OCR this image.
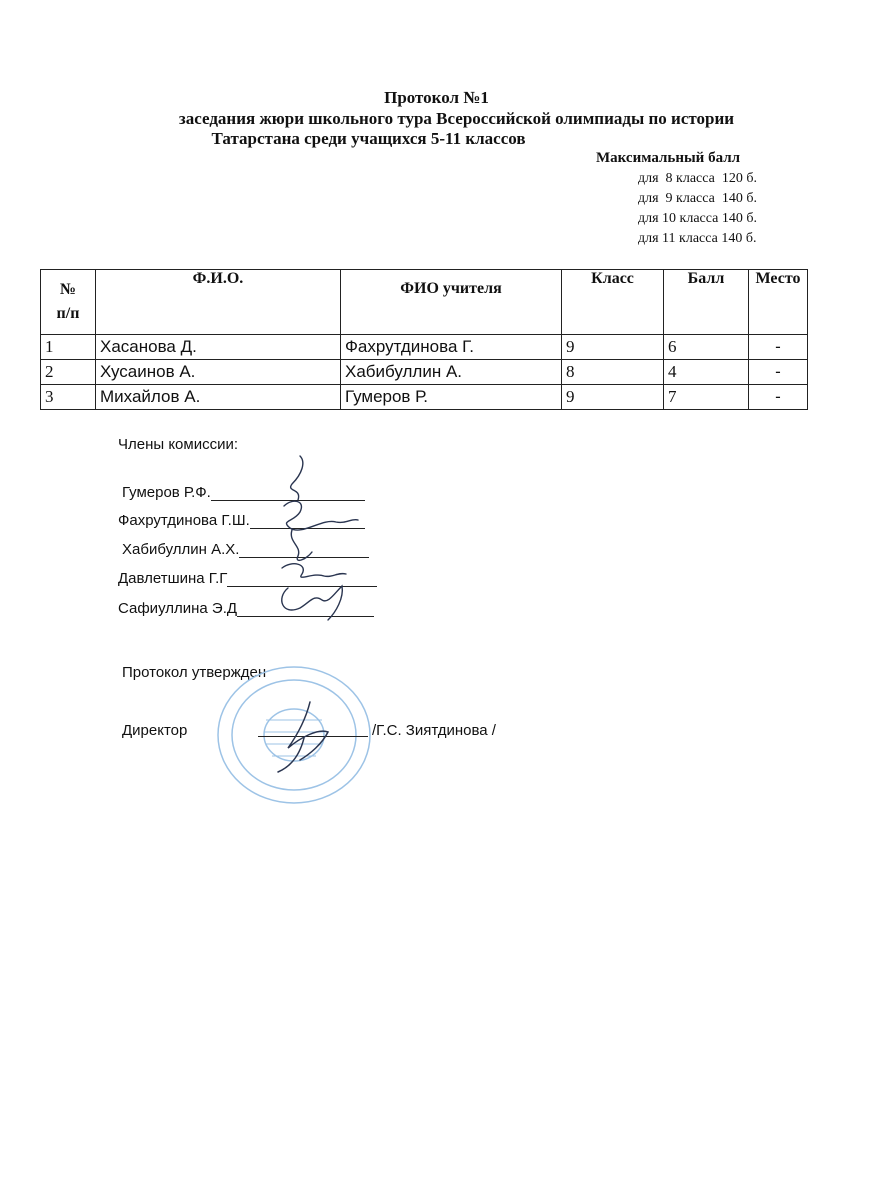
Протокол №1
заседания жюри школьного тура Всероссийской олимпиады по истории
Татарстана среди учащихся 5-11 классов
Максимальный балл
для  8 класса  120 б.
для  9 класса  140 б.
для 10 класса 140 б.
для 11 класса 140 б.
№
п/п	Ф.И.О.	ФИО учителя	Класс	Балл	Место
1	Хасанова Д.	Фахрутдинова Г.	9	6	-
2	Хусаинов А.	Хабибуллин А.	8	4	-
3	Михайлов А.	Гумеров Р.	9	7	-
Члены комиссии:
Гумеров Р.Ф.
Фахрутдинова Г.Ш.
Хабибуллин А.Х.
Давлетшина Г.Г
Сафиуллина Э.Д
Протокол утвержден
Директор	/Г.С. Зиятдинова /
